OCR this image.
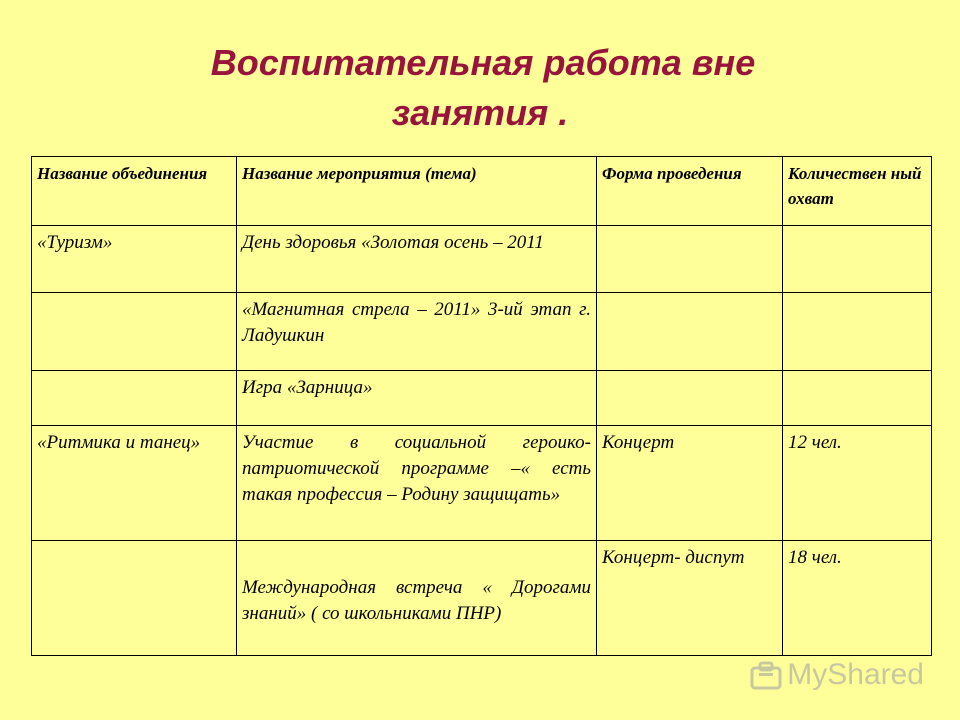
Воспитательная работа вне
занятия .
Название объединения	Название мероприятия (тема)	Форма проведения	Количествен ный охват
«Туризм»	День здоровья «Золотая осень – 2011		
	«Магнитная стрела – 2011» 3-ий этап г. Ладушкин		
	Игра «Зарница»		
«Ритмика и танец»	Участие в социальной героико-патриотической программе –« есть такая профессия – Родину защищать»	Концерт	12 чел.
	Международная встреча « Дорогами знаний» ( со школьниками ПНР)	Концерт- диспут	18 чел.
MyShared
